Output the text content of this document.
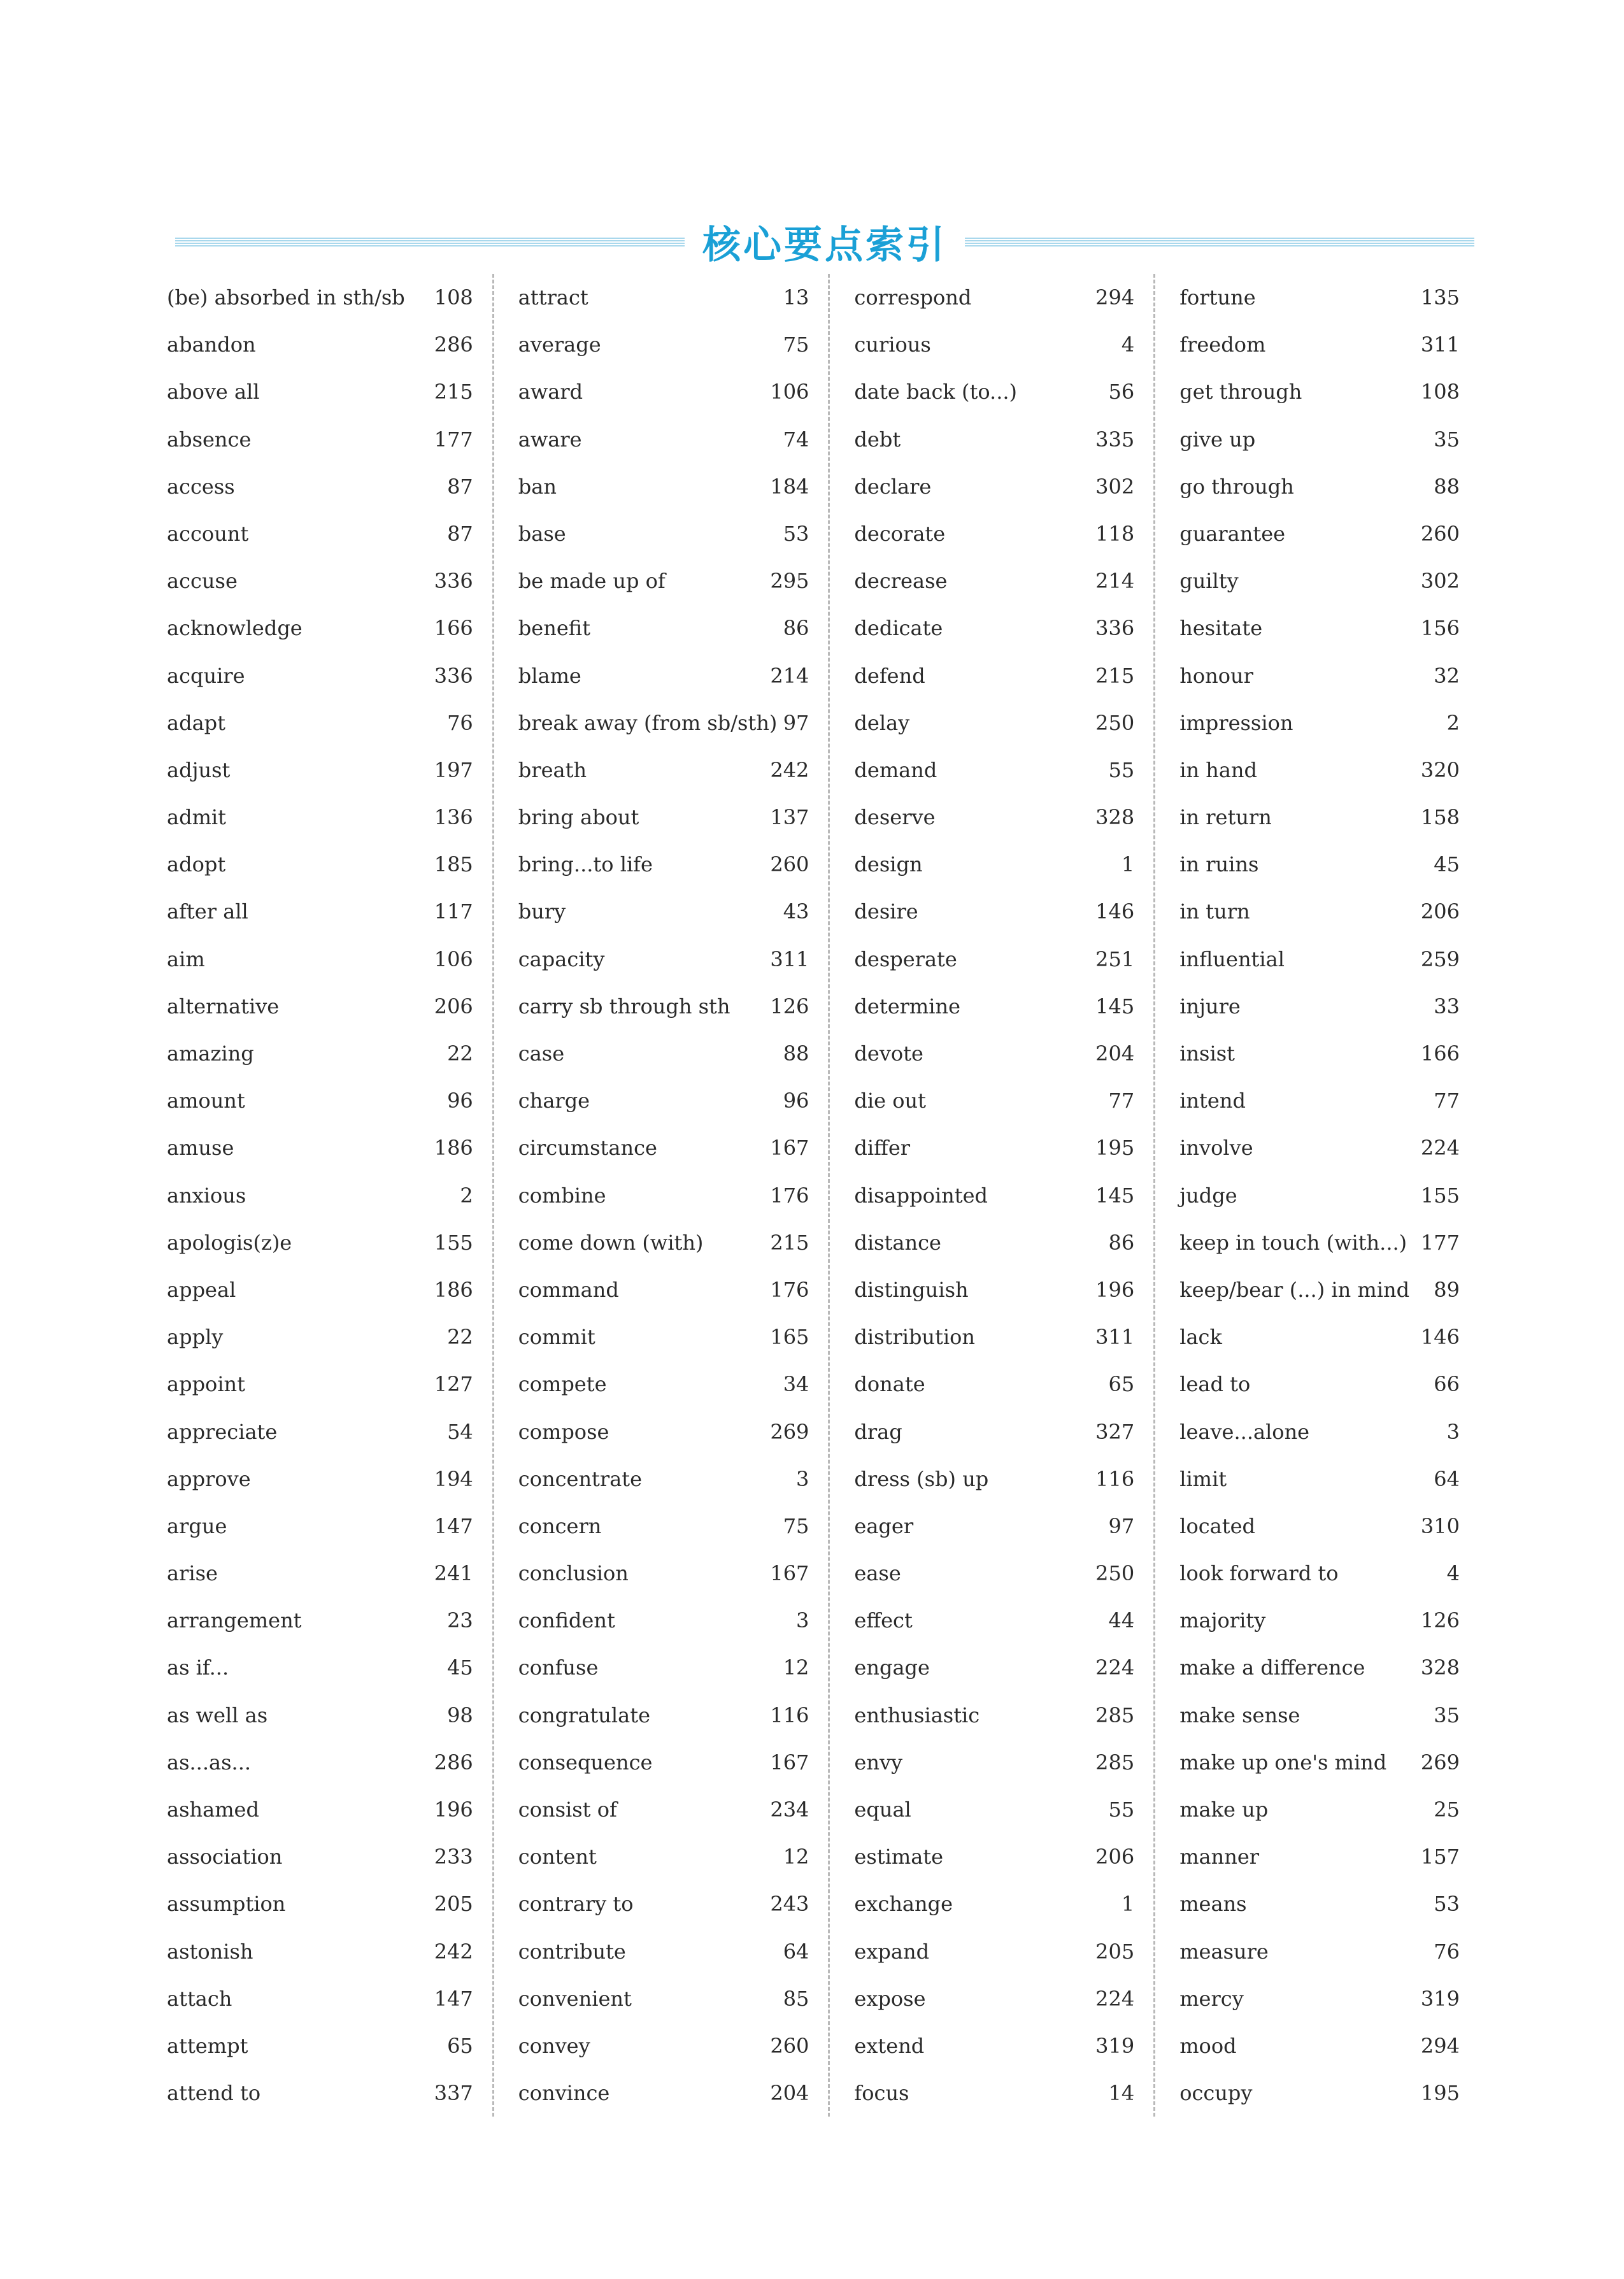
核心要点索引
(be) absorbed in sth/sb 108
abandon	286
above all	215
absence	177
access	87
account	87
accuse	336
acknowledge	166
acquire	336
adapt	76
adjust	197
admit	136
adopt	185
after all	117
aim	106
alternative	206
amazing	22
amount	96
amuse	186
anxious	2
apologis(z)e	155
appeal	186
apply	22
appoint	127
appreciate	54
approve	194
argue	147
arise	241
arrangement	23
as if...	45
as well as	98
as...as...	286
ashamed	196
association	233
assumption	205
astonish	242
attach	147
attempt	65
attend to	337
attract	13
average	75
award	106
aware	74
ban	184
base	53
be made up of	295
benefit	86
blame	214
break away (from sb/sth) 97
breath	242
bring about	137
bring...to life	260
bury	43
capacity	311
carry sb through sth 126
case	88
charge	96
circumstance	167
combine	176
come down (with)	215
command	176
commit	165
compete	34
compose	269
concentrate	3
concern	75
conclusion	167
confident	3
confuse	12
congratulate	116
consequence	167
consist of	234
content	12
contrary to	243
contribute	64
convenient	85
convey	260
convince	204
correspond	294
curious	4
date back (to...)	56
debt	335
declare	302
decorate	118
decrease	214
dedicate	336
defend	215
delay	250
demand	55
deserve	328
design	1
desire	146
desperate	251
determine	145
devote	204
die out	77
differ	195
disappointed	145
distance	86
distinguish	196
distribution	311
donate	65
drag	327
dress (sb) up	116
eager	97
ease	250
effect	44
engage	224
enthusiastic	285
envy	285
equal	55
estimate	206
exchange	1
expand	205
expose	224
extend	319
focus	14
fortune	135
freedom	311
get through	108
give up	35
go through	88
guarantee	260
guilty	302
hesitate	156
honour	32
impression	2
in hand	320
in return	158
in ruins	45
in turn	206
influential	259
injure	33
insist	166
intend	77
involve	224
judge	155
keep in touch (with...) 177
keep/bear (...) in mind 89
lack	146
lead to	66
leave...alone	3
limit	64
located	310
look forward to	4
majority	126
make a difference	328
make sense	35
make up one's mind 269
make up	25
manner	157
means	53
measure	76
mercy	319
mood	294
occupy	195
